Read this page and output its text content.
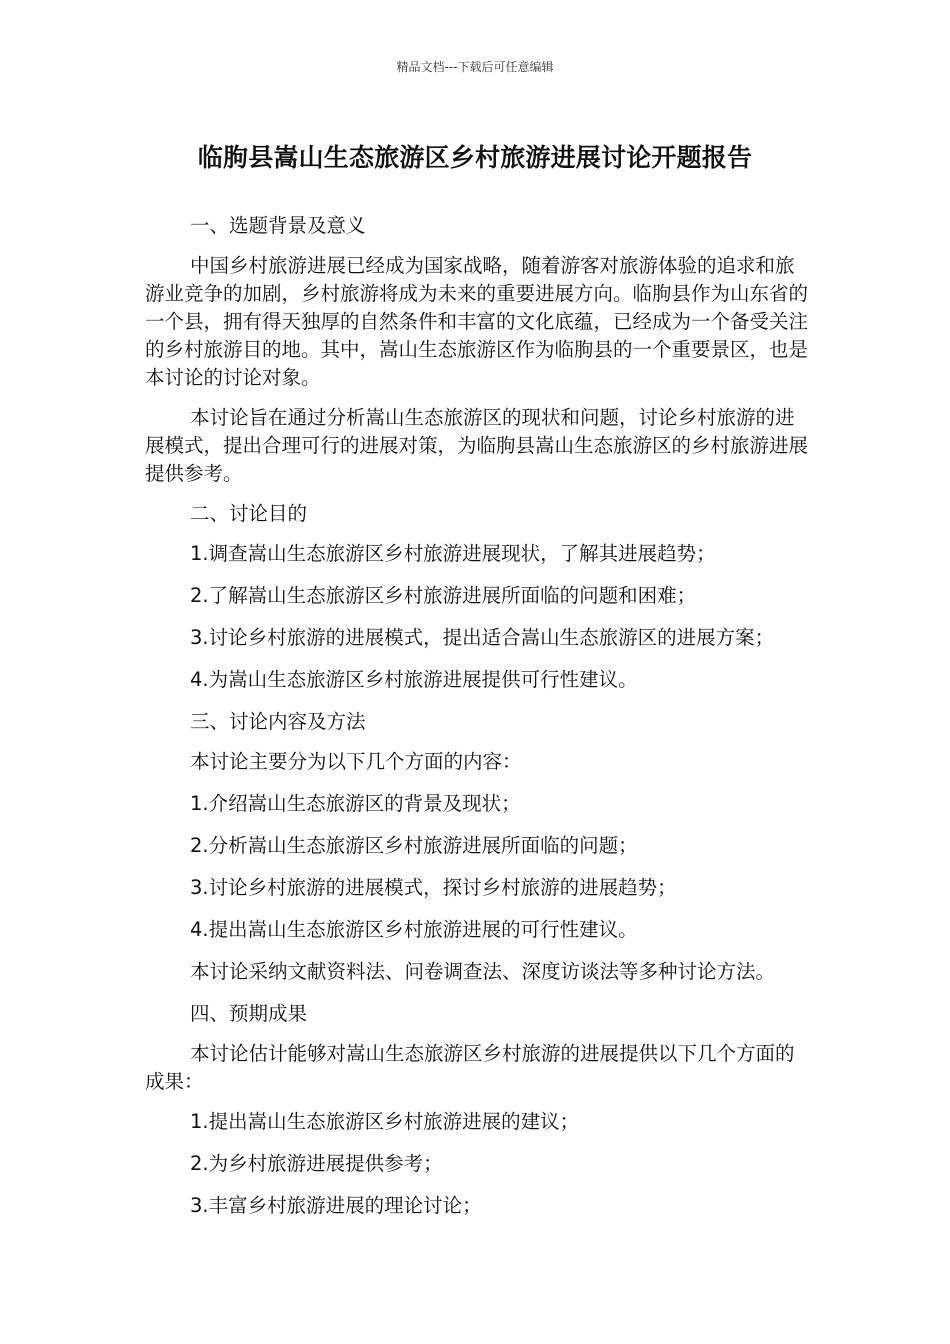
精品文档---下载后可任意编辑
临朐县嵩山生态旅游区乡村旅游进展讨论开题报告

一、选题背景及意义

中国乡村旅游进展已经成为国家战略，随着游客对旅游体验的追求和旅游业竞争的加剧，乡村旅游将成为未来的重要进展方向。临朐县作为山东省的一个县，拥有得天独厚的自然条件和丰富的文化底蕴，已经成为一个备受关注的乡村旅游目的地。其中，嵩山生态旅游区作为临朐县的一个重要景区，也是本讨论的讨论对象。

本讨论旨在通过分析嵩山生态旅游区的现状和问题，讨论乡村旅游的进展模式，提出合理可行的进展对策，为临朐县嵩山生态旅游区的乡村旅游进展提供参考。

二、讨论目的

1.调查嵩山生态旅游区乡村旅游进展现状，了解其进展趋势；

2.了解嵩山生态旅游区乡村旅游进展所面临的问题和困难；

3.讨论乡村旅游的进展模式，提出适合嵩山生态旅游区的进展方案；

4.为嵩山生态旅游区乡村旅游进展提供可行性建议。

三、讨论内容及方法

本讨论主要分为以下几个方面的内容：

1.介绍嵩山生态旅游区的背景及现状；

2.分析嵩山生态旅游区乡村旅游进展所面临的问题；

3.讨论乡村旅游的进展模式，探讨乡村旅游的进展趋势；

4.提出嵩山生态旅游区乡村旅游进展的可行性建议。

本讨论采纳文献资料法、问卷调查法、深度访谈法等多种讨论方法。

四、预期成果

本讨论估计能够对嵩山生态旅游区乡村旅游的进展提供以下几个方面的成果：

1.提出嵩山生态旅游区乡村旅游进展的建议；

2.为乡村旅游进展提供参考；

3.丰富乡村旅游进展的理论讨论；
